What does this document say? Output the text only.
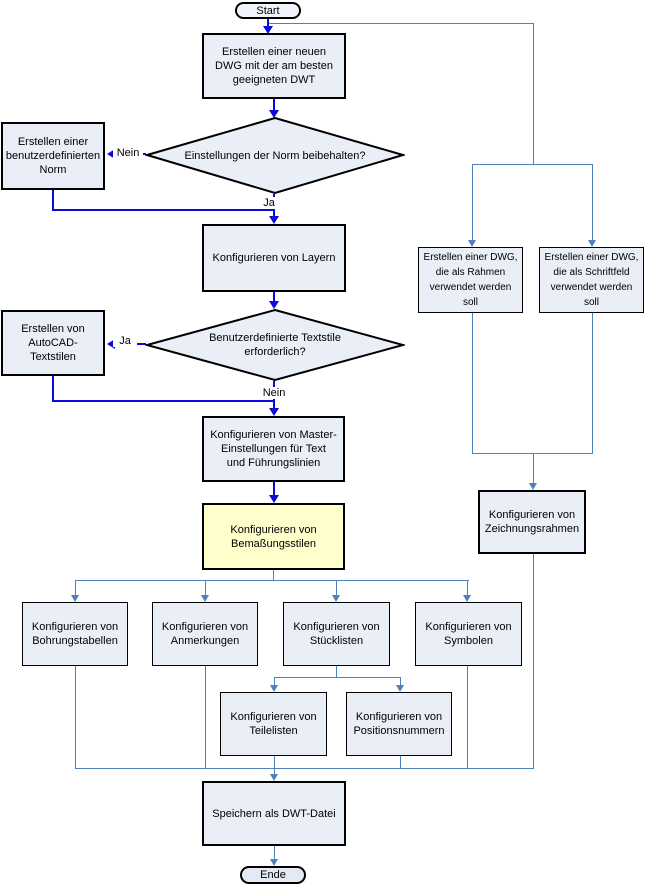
Nein
Ja
Ja
Nein
Start
Ende
Erstellen einer neuen
DWG mit der am besten
geeigneten DWT
Einstellungen der Norm beibehalten?
Erstellen einer
benutzerdefinierten
Norm
Konfigurieren von Layern
Benutzerdefinierte Textstile
erforderlich?
Erstellen von
AutoCAD-
Textstilen
Konfigurieren von Master-
Einstellungen für Text
und Führungslinien
Konfigurieren von
Bemaßungsstilen
Konfigurieren von
Bohrungstabellen
Konfigurieren von
Anmerkungen
Konfigurieren von
Stücklisten
Konfigurieren von
Symbolen
Konfigurieren von
Teilelisten
Konfigurieren von
Positionsnummern
Speichern als DWT-Datei
Erstellen einer DWG,
die als Rahmen
verwendet werden
soll
Erstellen einer DWG,
die als Schriftfeld
verwendet werden
soll
Konfigurieren von
Zeichnungsrahmen
